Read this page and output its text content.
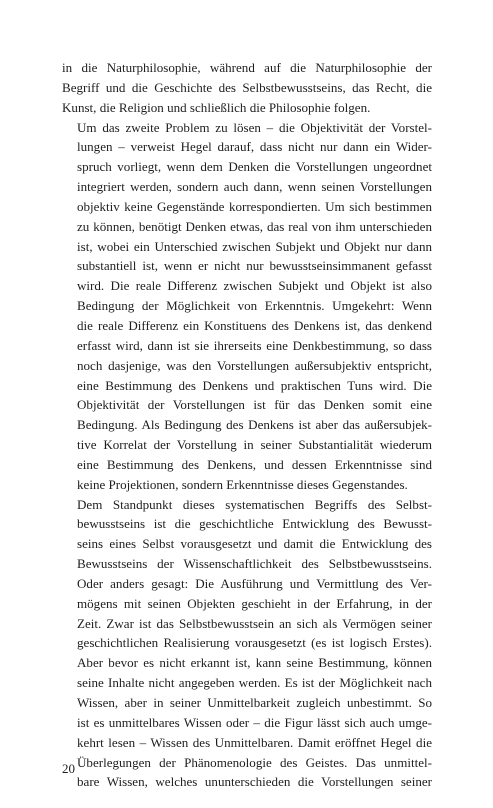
in die Naturphilosophie, während auf die Naturphilosophie der
Begriff und die Geschichte des Selbstbewusstseins, das Recht, die
Kunst, die Religion und schließlich die Philosophie folgen.
Um das zweite Problem zu lösen – die Objektivität der Vorstel-
lungen – verweist Hegel darauf, dass nicht nur dann ein Wider-
spruch vorliegt, wenn dem Denken die Vorstellungen ungeordnet
integriert werden, sondern auch dann, wenn seinen Vorstellungen
objektiv keine Gegenstände korrespondierten. Um sich bestimmen
zu können, benötigt Denken etwas, das real von ihm unterschieden
ist, wobei ein Unterschied zwischen Subjekt und Objekt nur dann
substantiell ist, wenn er nicht nur bewusstseinsimmanent gefasst
wird. Die reale Differenz zwischen Subjekt und Objekt ist also
Bedingung der Möglichkeit von Erkenntnis. Umgekehrt: Wenn
die reale Differenz ein Konstituens des Denkens ist, das denkend
erfasst wird, dann ist sie ihrerseits eine Denkbestimmung, so dass
noch dasjenige, was den Vorstellungen außersubjektiv entspricht,
eine Bestimmung des Denkens und praktischen Tuns wird. Die
Objektivität der Vorstellungen ist für das Denken somit eine
Bedingung. Als Bedingung des Denkens ist aber das außersubjek-
tive Korrelat der Vorstellung in seiner Substantialität wiederum
eine Bestimmung des Denkens, und dessen Erkenntnisse sind
keine Projektionen, sondern Erkenntnisse dieses Gegenstandes.
Dem Standpunkt dieses systematischen Begriffs des Selbst-
bewusstseins ist die geschichtliche Entwicklung des Bewusst-
seins eines Selbst vorausgesetzt und damit die Entwicklung des
Bewusstseins der Wissenschaftlichkeit des Selbstbewusstseins.
Oder anders gesagt: Die Ausführung und Vermittlung des Ver-
mögens mit seinen Objekten geschieht in der Erfahrung, in der
Zeit. Zwar ist das Selbstbewusstsein an sich als Vermögen seiner
geschichtlichen Realisierung vorausgesetzt (es ist logisch Erstes).
Aber bevor es nicht erkannt ist, kann seine Bestimmung, können
seine Inhalte nicht angegeben werden. Es ist der Möglichkeit nach
Wissen, aber in seiner Unmittelbarkeit zugleich unbestimmt. So
ist es unmittelbares Wissen oder – die Figur lässt sich auch umge-
kehrt lesen – Wissen des Unmittelbaren. Damit eröffnet Hegel die
Überlegungen der Phänomenologie des Geistes. Das unmittel-
bare Wissen, welches ununterschieden die Vorstellungen seiner
20
